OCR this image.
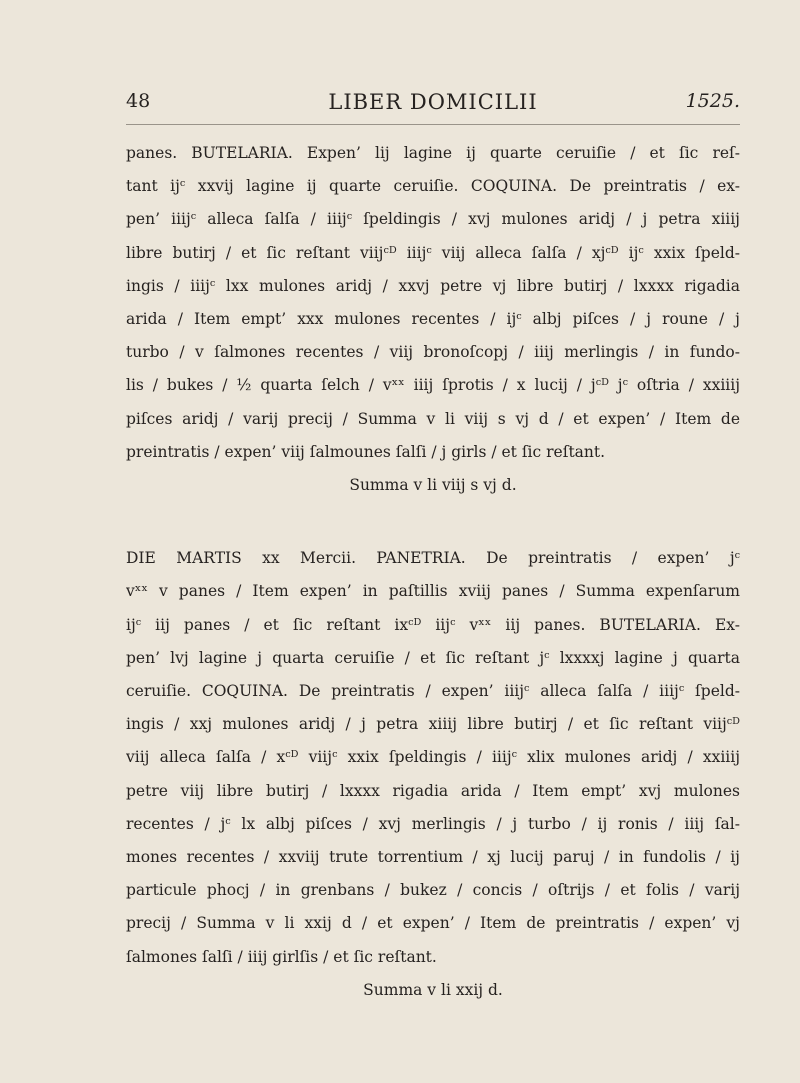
48	LIBER DOMICILII	1525.
panes. BUTELARIA. Expen’ lij lagine ij quarte ceruiſie / et ſic reſ-
tant ijᶜ xxvij lagine ij quarte ceruiſie. COQUINA. De preintratis / ex-
pen’ iiijᶜ alleca ſalſa / iiijᶜ ſpeldingis / xvj mulones aridj / j petra xiiij
libre butirj / et ſic reſtant viijᶜᴰ iiijᶜ viij alleca ſalſa / xjᶜᴰ ijᶜ xxix ſpeld-
ingis / iiijᶜ lxx mulones aridj / xxvj petre vj libre butirj / lxxxx rigadia
arida / Item empt’ xxx mulones recentes / ijᶜ albj piſces / j roune / j
turbo / v ſalmones recentes / viij bronoſcopj / iiij merlingis / in fundo-
lis / bukes / ½ quarta ſelch / vˣˣ iiij ſprotis / x lucij / jᶜᴰ jᶜ oſtria / xxiiij
piſces aridj / varij precij / Summa v li viij s vj d / et expen’ / Item de
preintratis / expen’ viij ſalmounes ſalſi / j girls / et ſic reſtant.
Summa v li viij s vj d.
DIE MARTIS xx Mercii. PANETRIA. De preintratis / expen’ jᶜ
vˣˣ v panes / Item expen’ in paſtillis xviij panes / Summa expenſarum
ijᶜ iij panes / et ſic reſtant ixᶜᴰ iijᶜ vˣˣ iij panes. BUTELARIA. Ex-
pen’ lvj lagine j quarta ceruiſie / et ſic reſtant jᶜ lxxxxj lagine j quarta
ceruiſie. COQUINA. De preintratis / expen’ iiijᶜ alleca ſalſa / iiijᶜ ſpeld-
ingis / xxj mulones aridj / j petra xiiij libre butirj / et ſic reſtant viijᶜᴰ
viij alleca ſalſa / xᶜᴰ viijᶜ xxix ſpeldingis / iiijᶜ xlix mulones aridj / xxiiij
petre viij libre butirj / lxxxx rigadia arida / Item empt’ xvj mulones
recentes / jᶜ lx albj piſces / xvj merlingis / j turbo / ij ronis / iiij ſal-
mones recentes / xxviij trute torrentium / xj lucij paruj / in fundolis / ij
particule phocj / in grenbans / bukez / concis / oſtrijs / et folis / varij
precij / Summa v li xxij d / et expen’ / Item de preintratis / expen’ vj
ſalmones ſalſi / iiij girlſis / et ſic reſtant.
Summa v li xxij d.
